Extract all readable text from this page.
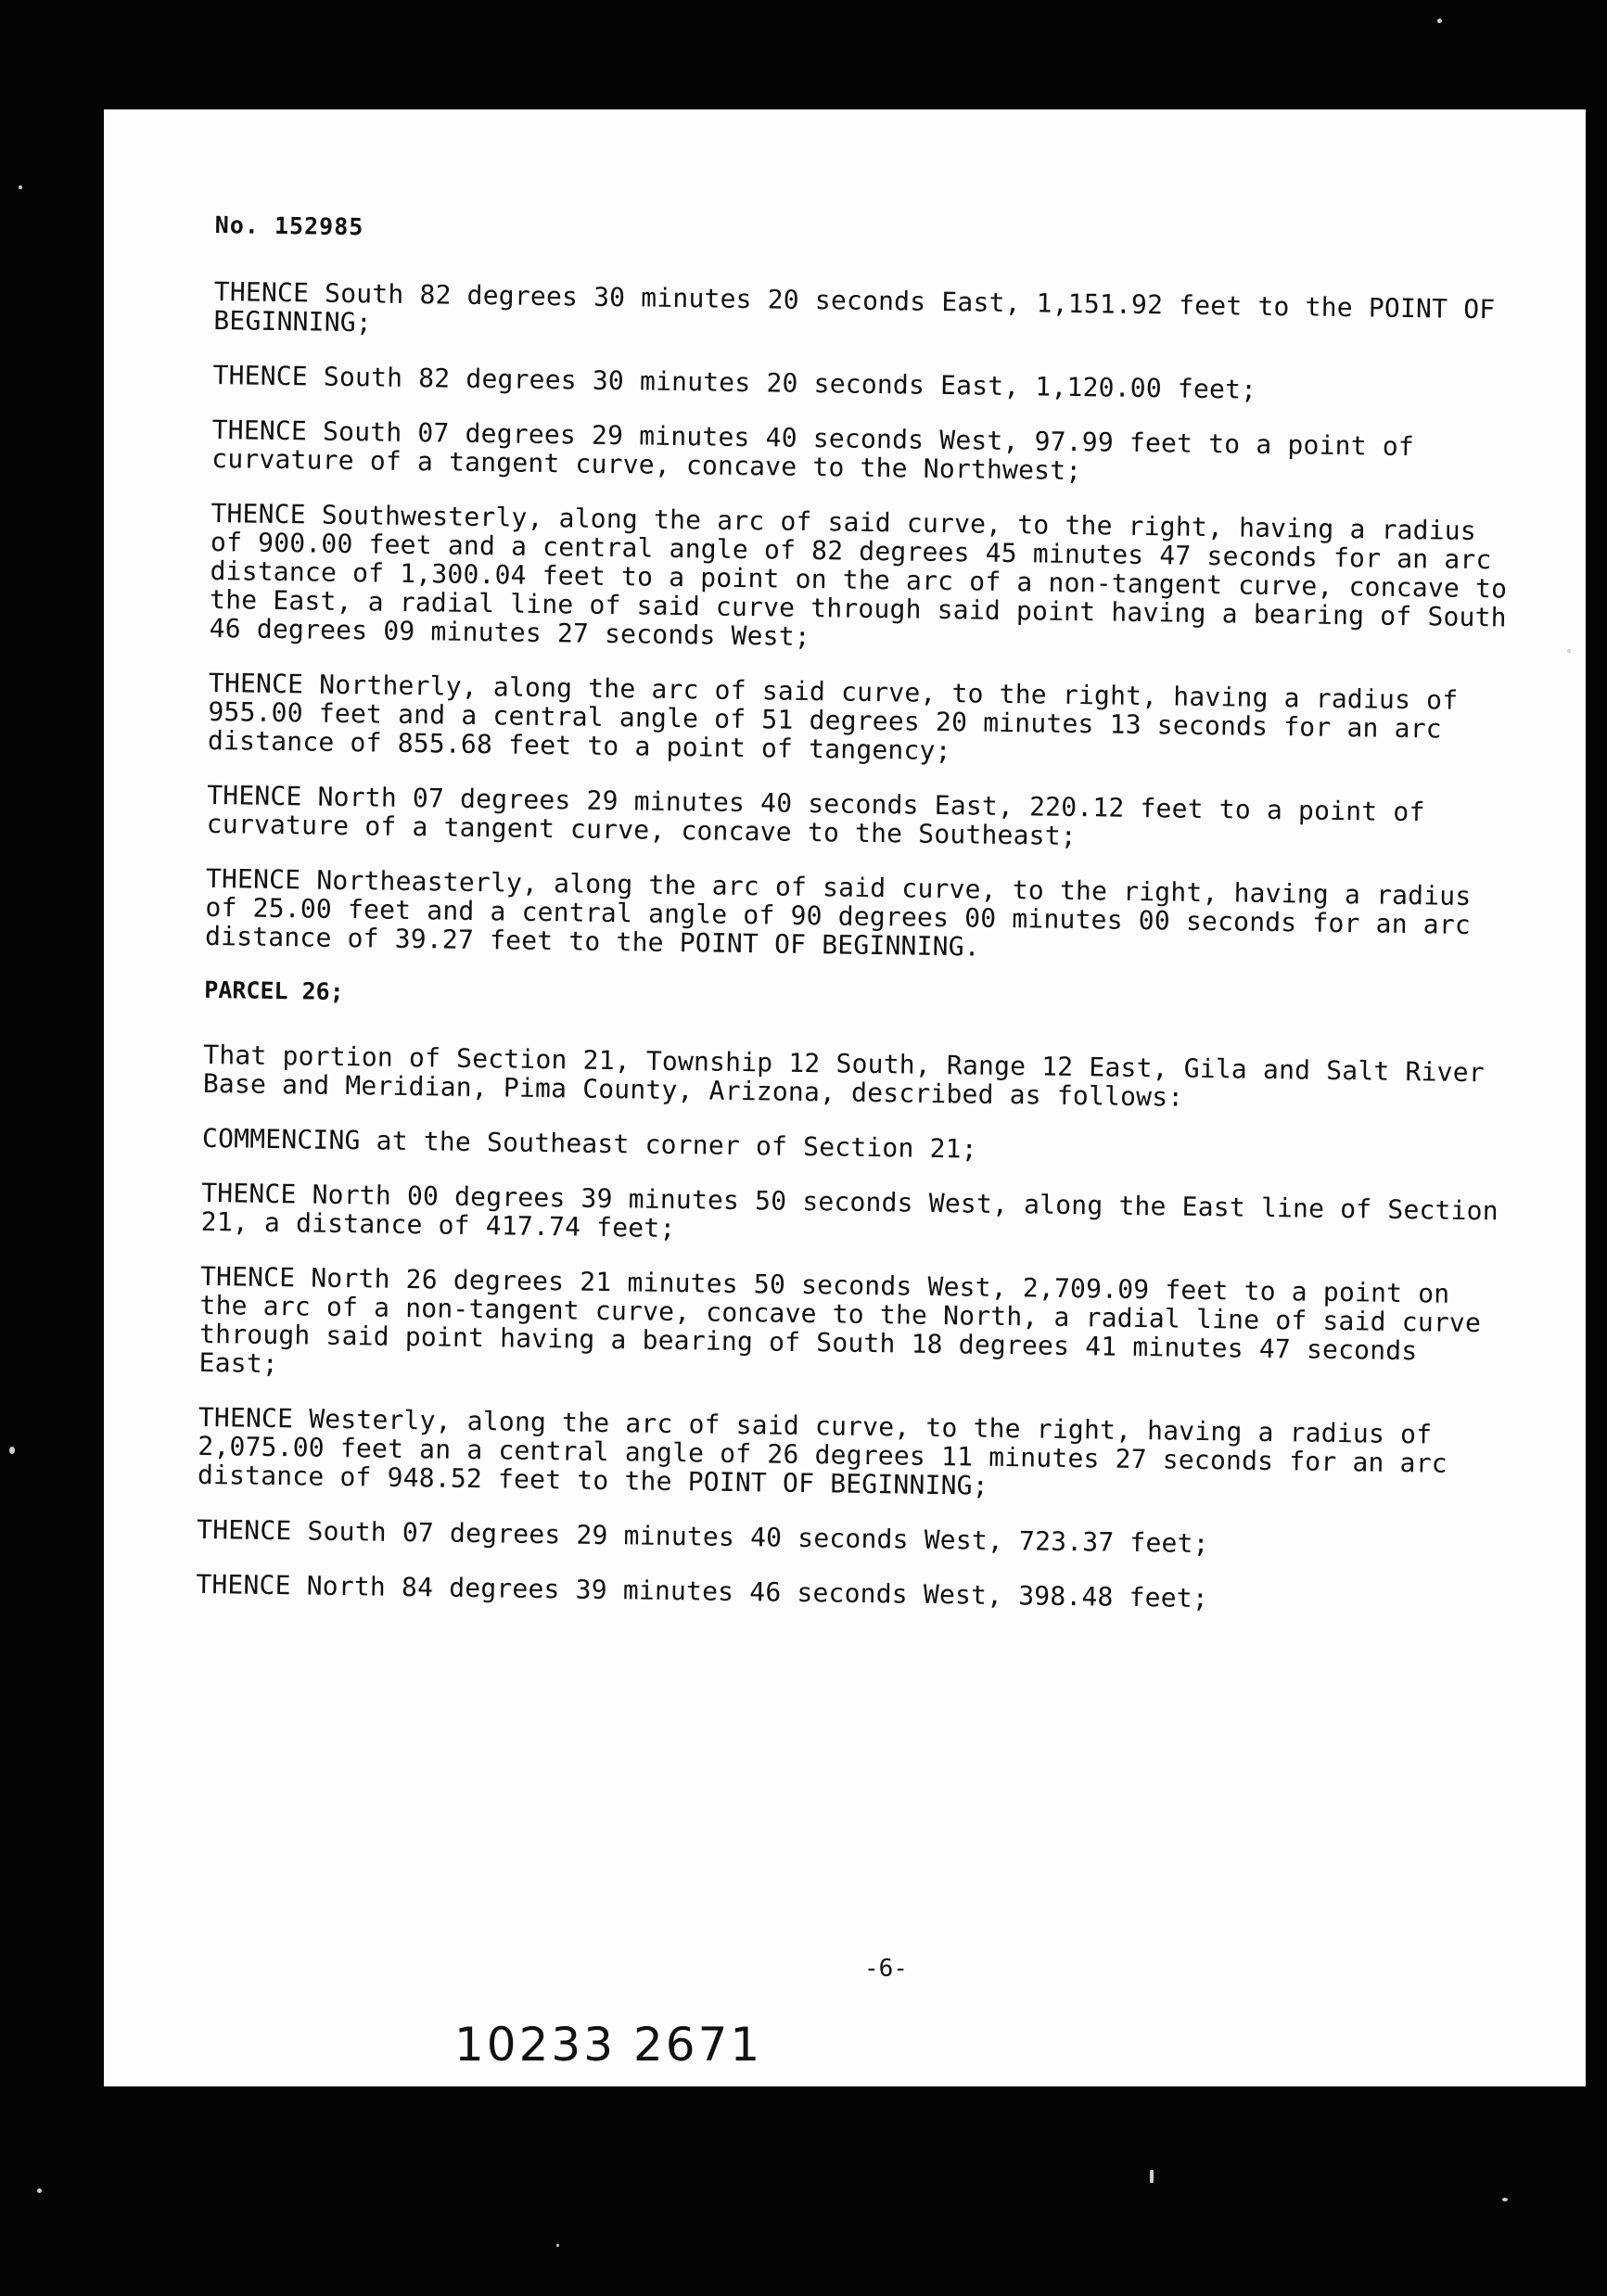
No. 152985

THENCE South 82 degrees 30 minutes 20 seconds East, 1,151.92 feet to the POINT OF BEGINNING;

THENCE South 82 degrees 30 minutes 20 seconds East, 1,120.00 feet;

THENCE South 07 degrees 29 minutes 40 seconds West, 97.99 feet to a point of curvature of a tangent curve, concave to the Northwest;

THENCE Southwesterly, along the arc of said curve, to the right, having a radius of 900.00 feet and a central angle of 82 degrees 45 minutes 47 seconds for an arc distance of 1,300.04 feet to a point on the arc of a non-tangent curve, concave to the East, a radial line of said curve through said point having a bearing of South 46 degrees 09 minutes 27 seconds West;

THENCE Northerly, along the arc of said curve, to the right, having a radius of 955.00 feet and a central angle of 51 degrees 20 minutes 13 seconds for an arc distance of 855.68 feet to a point of tangency;

THENCE North 07 degrees 29 minutes 40 seconds East, 220.12 feet to a point of curvature of a tangent curve, concave to the Southeast;

THENCE Northeasterly, along the arc of said curve, to the right, having a radius of 25.00 feet and a central angle of 90 degrees 00 minutes 00 seconds for an arc distance of 39.27 feet to the POINT OF BEGINNING.

PARCEL 26;

That portion of Section 21, Township 12 South, Range 12 East, Gila and Salt River Base and Meridian, Pima County, Arizona, described as follows:

COMMENCING at the Southeast corner of Section 21;

THENCE North 00 degrees 39 minutes 50 seconds West, along the East line of Section 21, a distance of 417.74 feet;

THENCE North 26 degrees 21 minutes 50 seconds West, 2,709.09 feet to a point on the arc of a non-tangent curve, concave to the North, a radial line of said curve through said point having a bearing of South 18 degrees 41 minutes 47 seconds East;

THENCE Westerly, along the arc of said curve, to the right, having a radius of 2,075.00 feet an a central angle of 26 degrees 11 minutes 27 seconds for an arc distance of 948.52 feet to the POINT OF BEGINNING;

THENCE South 07 degrees 29 minutes 40 seconds West, 723.37 feet;

THENCE North 84 degrees 39 minutes 46 seconds West, 398.48 feet;

-6-
10233 2671
